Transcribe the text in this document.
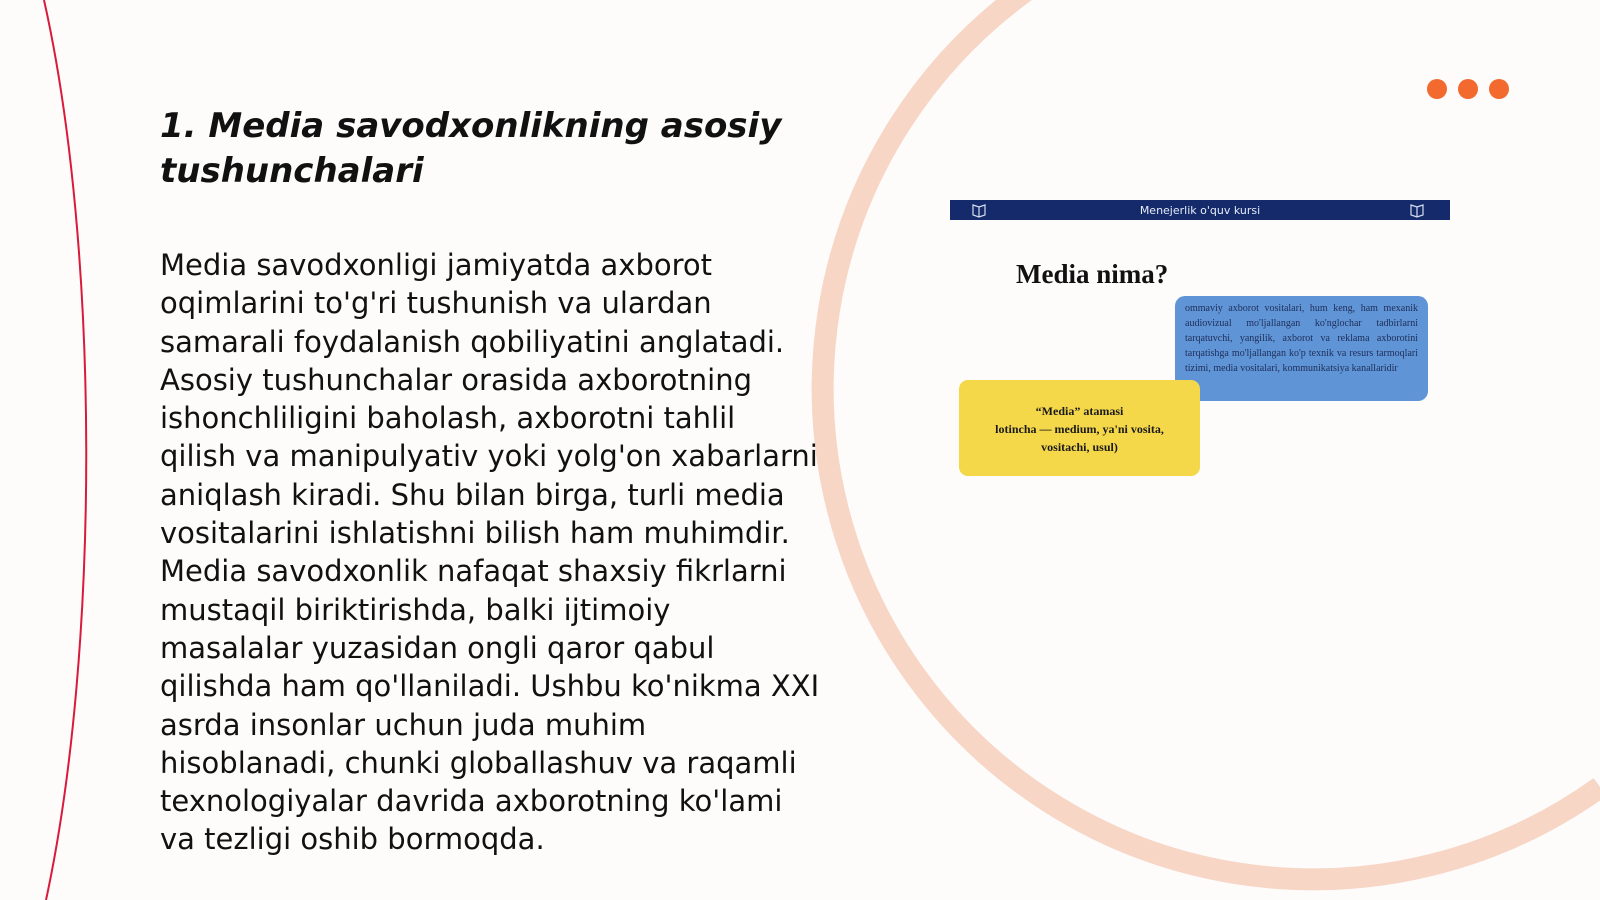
1. Media savodxonlikning asosiy tushunchalari

Media savodxonligi jamiyatda axborot
oqimlarini to'g'ri tushunish va ulardan
samarali foydalanish qobiliyatini anglatadi.
Asosiy tushunchalar orasida axborotning
ishonchliligini baholash, axborotni tahlil
qilish va manipulyativ yoki yolg'on xabarlarni
aniqlash kiradi. Shu bilan birga, turli media
vositalarini ishlatishni bilish ham muhimdir.
Media savodxonlik nafaqat shaxsiy fikrlarni
mustaqil biriktirishda, balki ijtimoiy
masalalar yuzasidan ongli qaror qabul
qilishda ham qo'llaniladi. Ushbu ko'nikma XXI
asrda insonlar uchun juda muhim
hisoblanadi, chunki globallashuv va raqamli
texnologiyalar davrida axborotning ko'lami
va tezligi oshib bormoqda.

Menejerlik o'quv kursi
Media nima?
ommaviy axborot vositalari, hum keng, ham mexanik audiovizual mo'ljallangan ko'nglochar tadbirlarni tarqatuvchi, yangilik, axborot va reklama axborotini tarqatishga mo'ljallangan ko'p texnik va resurs tarmoqlari tizimi, media vositalari, kommunikatsiya kanallaridir
“Media” atamasi
lotincha — medium, ya'ni vosita,
vositachi, usul)
